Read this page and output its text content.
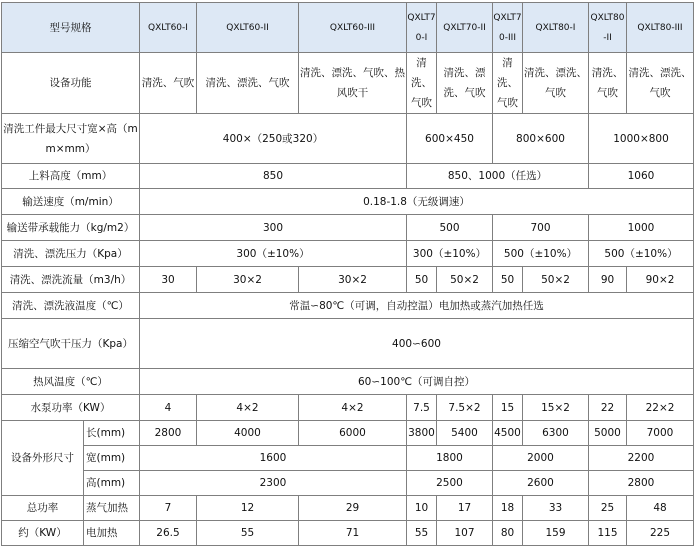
型号规格		QXLT60-I	QXLT60-II	QXLT60-III	QXLT70-I	QXLT70-II	QXLT70-III	QXLT80-I	QXLT80-II	QXLT80-III
设备功能		清洗、气吹	清洗、漂洗、气吹	清洗、漂洗、气吹、热风吹干	清洗、气吹	清洗、漂洗、气吹	清洗、气吹	清洗、漂洗、气吹	清洗、气吹	清洗、漂洗、气吹
清洗工件最大尺寸宽×高（mm×mm）		400×（250或320）			600×450		800×600		1000×800	
上料高度（mm）		850			850、1000（任选）				1060	
输送速度（m/min）		0.18-1.8（无级调速）								
输送带承载能力（kg/m2）		300			500		700		1000	
清洗、漂洗压力（Kpa）		300（±10%）			300（±10%）		500（±10%）		500（±10%）	
清洗、漂洗流量（m3/h）		30	30×2	30×2	50	50×2	50	50×2	90	90×2
清洗、漂洗液温度（℃）		常温∽80℃（可调，自动控温）电加热或蒸汽加热任选								
压缩空气吹干压力（Kpa）		400∽600								
热风温度（℃）		60∽100℃（可调自控）								
水泵功率（KW）		4	4×2	4×2	7.5	7.5×2	15	15×2	22	22×2
设备外形尺寸	长(mm)	2800	4000	6000	3800	5400	4500	6300	5000	7000
	宽(mm)	1600			1800		2000		2200	
	高(mm)	2300			2500		2600		2800	
总功率	蒸气加热	7	12	29	10	17	18	33	25	48
约（KW）	电加热	26.5	55	71	55	107	80	159	115	225
